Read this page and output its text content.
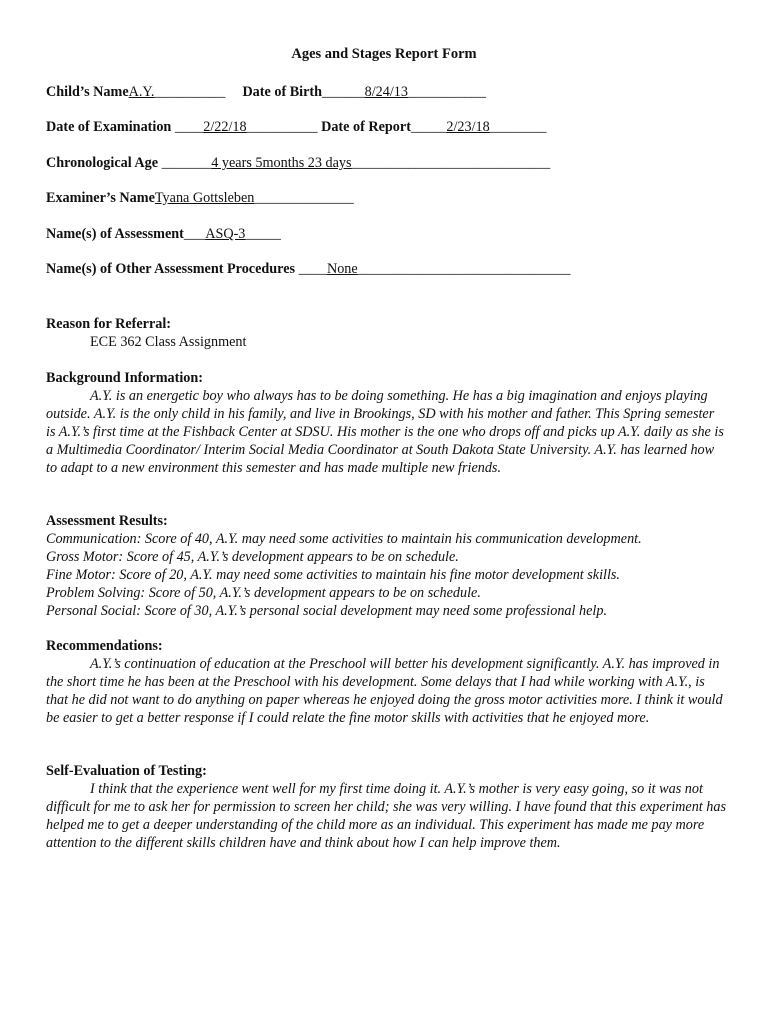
Ages and Stages Report Form
Child’s NameA.Y.__________ Date of Birth______8/24/13___________
Date of Examination ____2/22/18__________ Date of Report_____2/23/18________
Chronological Age _______4 years 5months 23 days____________________________
Examiner’s NameTyana Gottsleben______________
Name(s) of Assessment___ASQ-3_____
Name(s) of Other Assessment Procedures ____None______________________________
Reason for Referral:

ECE 362 Class Assignment

Background Information:

A.Y. is an energetic boy who always has to be doing something. He has a big imagination and enjoys playing outside. A.Y. is the only child in his family, and live in Brookings, SD with his mother and father. This Spring semester is A.Y.’s first time at the Fishback Center at SDSU. His mother is the one who drops off and picks up A.Y. daily as she is a Multimedia Coordinator/ Interim Social Media Coordinator at South Dakota State University. A.Y. has learned how to adapt to a new environment this semester and has made multiple new friends.

Assessment Results:

Communication: Score of 40, A.Y. may need some activities to maintain his communication development.

Gross Motor: Score of 45, A.Y.’s development appears to be on schedule.

Fine Motor: Score of 20, A.Y. may need some activities to maintain his fine motor development skills.

Problem Solving: Score of 50, A.Y.’s development appears to be on schedule.

Personal Social: Score of 30, A.Y.’s personal social development may need some professional help.

Recommendations:

A.Y.’s continuation of education at the Preschool will better his development significantly. A.Y. has improved in the short time he has been at the Preschool with his development. Some delays that I had while working with A.Y., is that he did not want to do anything on paper whereas he enjoyed doing the gross motor activities more. I think it would be easier to get a better response if I could relate the fine motor skills with activities that he enjoyed more.

Self-Evaluation of Testing:

I think that the experience went well for my first time doing it. A.Y.’s mother is very easy going, so it was not difficult for me to ask her for permission to screen her child; she was very willing. I have found that this experiment has helped me to get a deeper understanding of the child more as an individual. This experiment has made me pay more attention to the different skills children have and think about how I can help improve them.
